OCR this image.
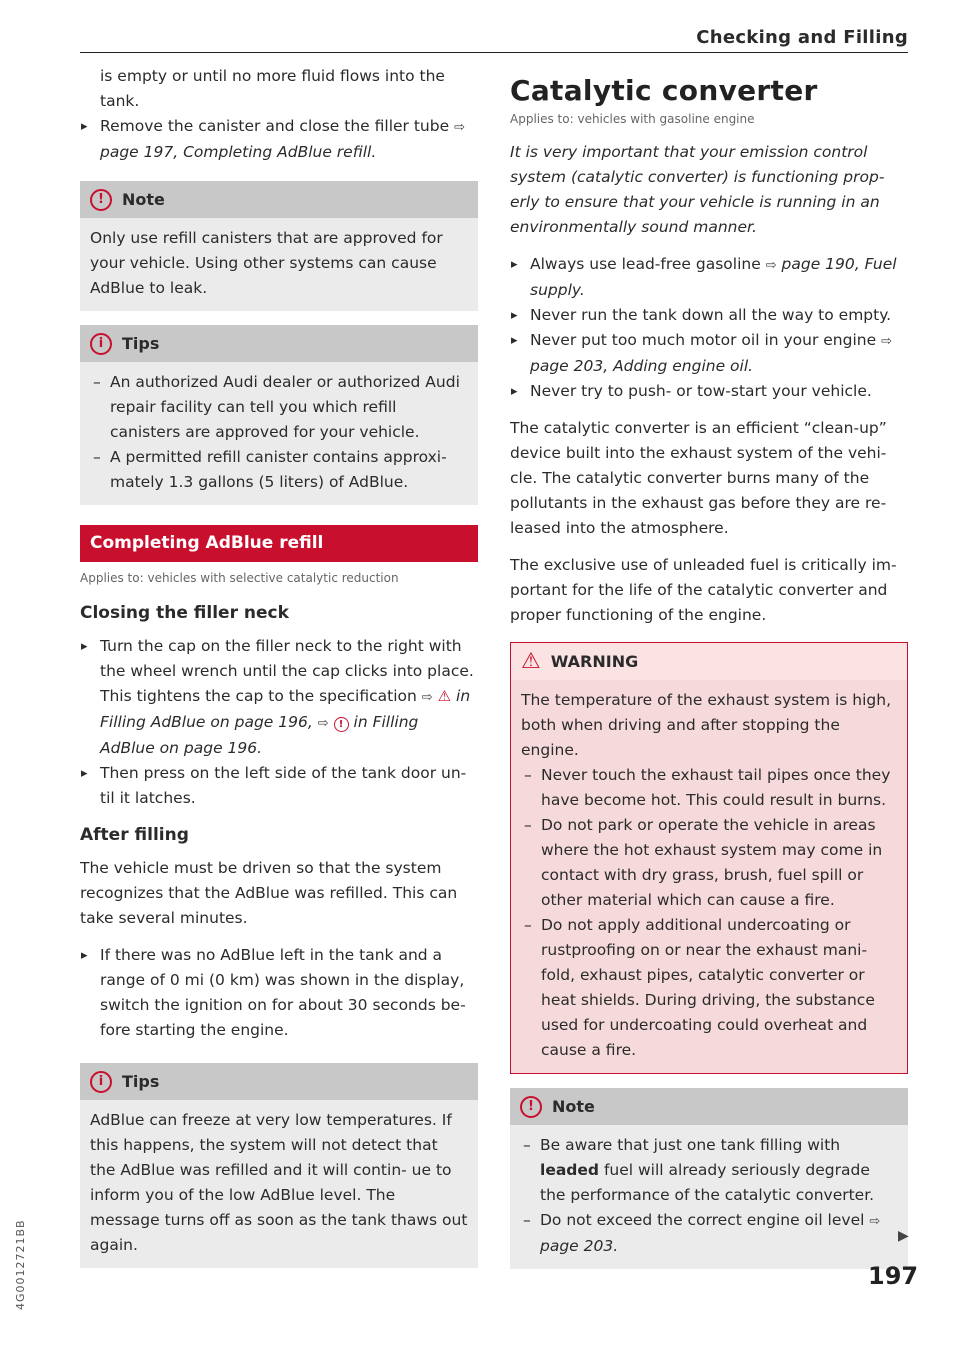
Checking and Filling

is empty or until no more fluid flows into the tank.

▸ Remove the canister and close the filler tube ⇨ page 197, Completing AdBlue refill.

!	Note
Only use refill canisters that are approved for your vehicle. Using other systems can cause AdBlue to leak.
i	Tips

– An authorized Audi dealer or authorized Audi repair facility can tell you which refill canisters are approved for your vehicle.

– A permitted refill canister contains approxi- mately 1.3 gallons (5 liters) of AdBlue.

Completing AdBlue refill
Applies to: vehicles with selective catalytic reduction
Closing the filler neck

▸ Turn the cap on the filler neck to the right with the wheel wrench until the cap clicks into place. This tightens the cap to the specification ⇨ ⚠ in Filling AdBlue on page 196, ⇨ ! in Filling AdBlue on page 196.

▸ Then press on the left side of the tank door un- til it latches.

After filling

The vehicle must be driven so that the system recognizes that the AdBlue was refilled. This can take several minutes.

▸ If there was no AdBlue left in the tank and a range of 0 mi (0 km) was shown in the display, switch the ignition on for about 30 seconds be- fore starting the engine.

i	Tips
AdBlue can freeze at very low temperatures. If this happens, the system will not detect that the AdBlue was refilled and it will contin- ue to inform you of the low AdBlue level. The message turns off as soon as the tank thaws out again.
Catalytic converter
Applies to: vehicles with gasoline engine

It is very important that your emission control system (catalytic converter) is functioning prop- erly to ensure that your vehicle is running in an environmentally sound manner.

▸ Always use lead-free gasoline ⇨ page 190, Fuel supply.

▸ Never run the tank down all the way to empty.

▸ Never put too much motor oil in your engine ⇨ page 203, Adding engine oil.

▸ Never try to push- or tow-start your vehicle.

The catalytic converter is an efficient “clean-up” device built into the exhaust system of the vehi- cle. The catalytic converter burns many of the pollutants in the exhaust gas before they are re- leased into the atmosphere.

The exclusive use of unleaded fuel is critically im- portant for the life of the catalytic converter and proper functioning of the engine.

⚠ WARNING

The temperature of the exhaust system is high, both when driving and after stopping the engine.

– Never touch the exhaust tail pipes once they have become hot. This could result in burns.

– Do not park or operate the vehicle in areas where the hot exhaust system may come in contact with dry grass, brush, fuel spill or other material which can cause a fire.

– Do not apply additional undercoating or rustproofing on or near the exhaust mani- fold, exhaust pipes, catalytic converter or heat shields. During driving, the substance used for undercoating could overheat and cause a fire.

!	Note

– Be aware that just one tank filling with leaded fuel will already seriously degrade the performance of the catalytic converter.

– Do not exceed the correct engine oil level ⇨ page 203.

▶
197
4G0012721BB
